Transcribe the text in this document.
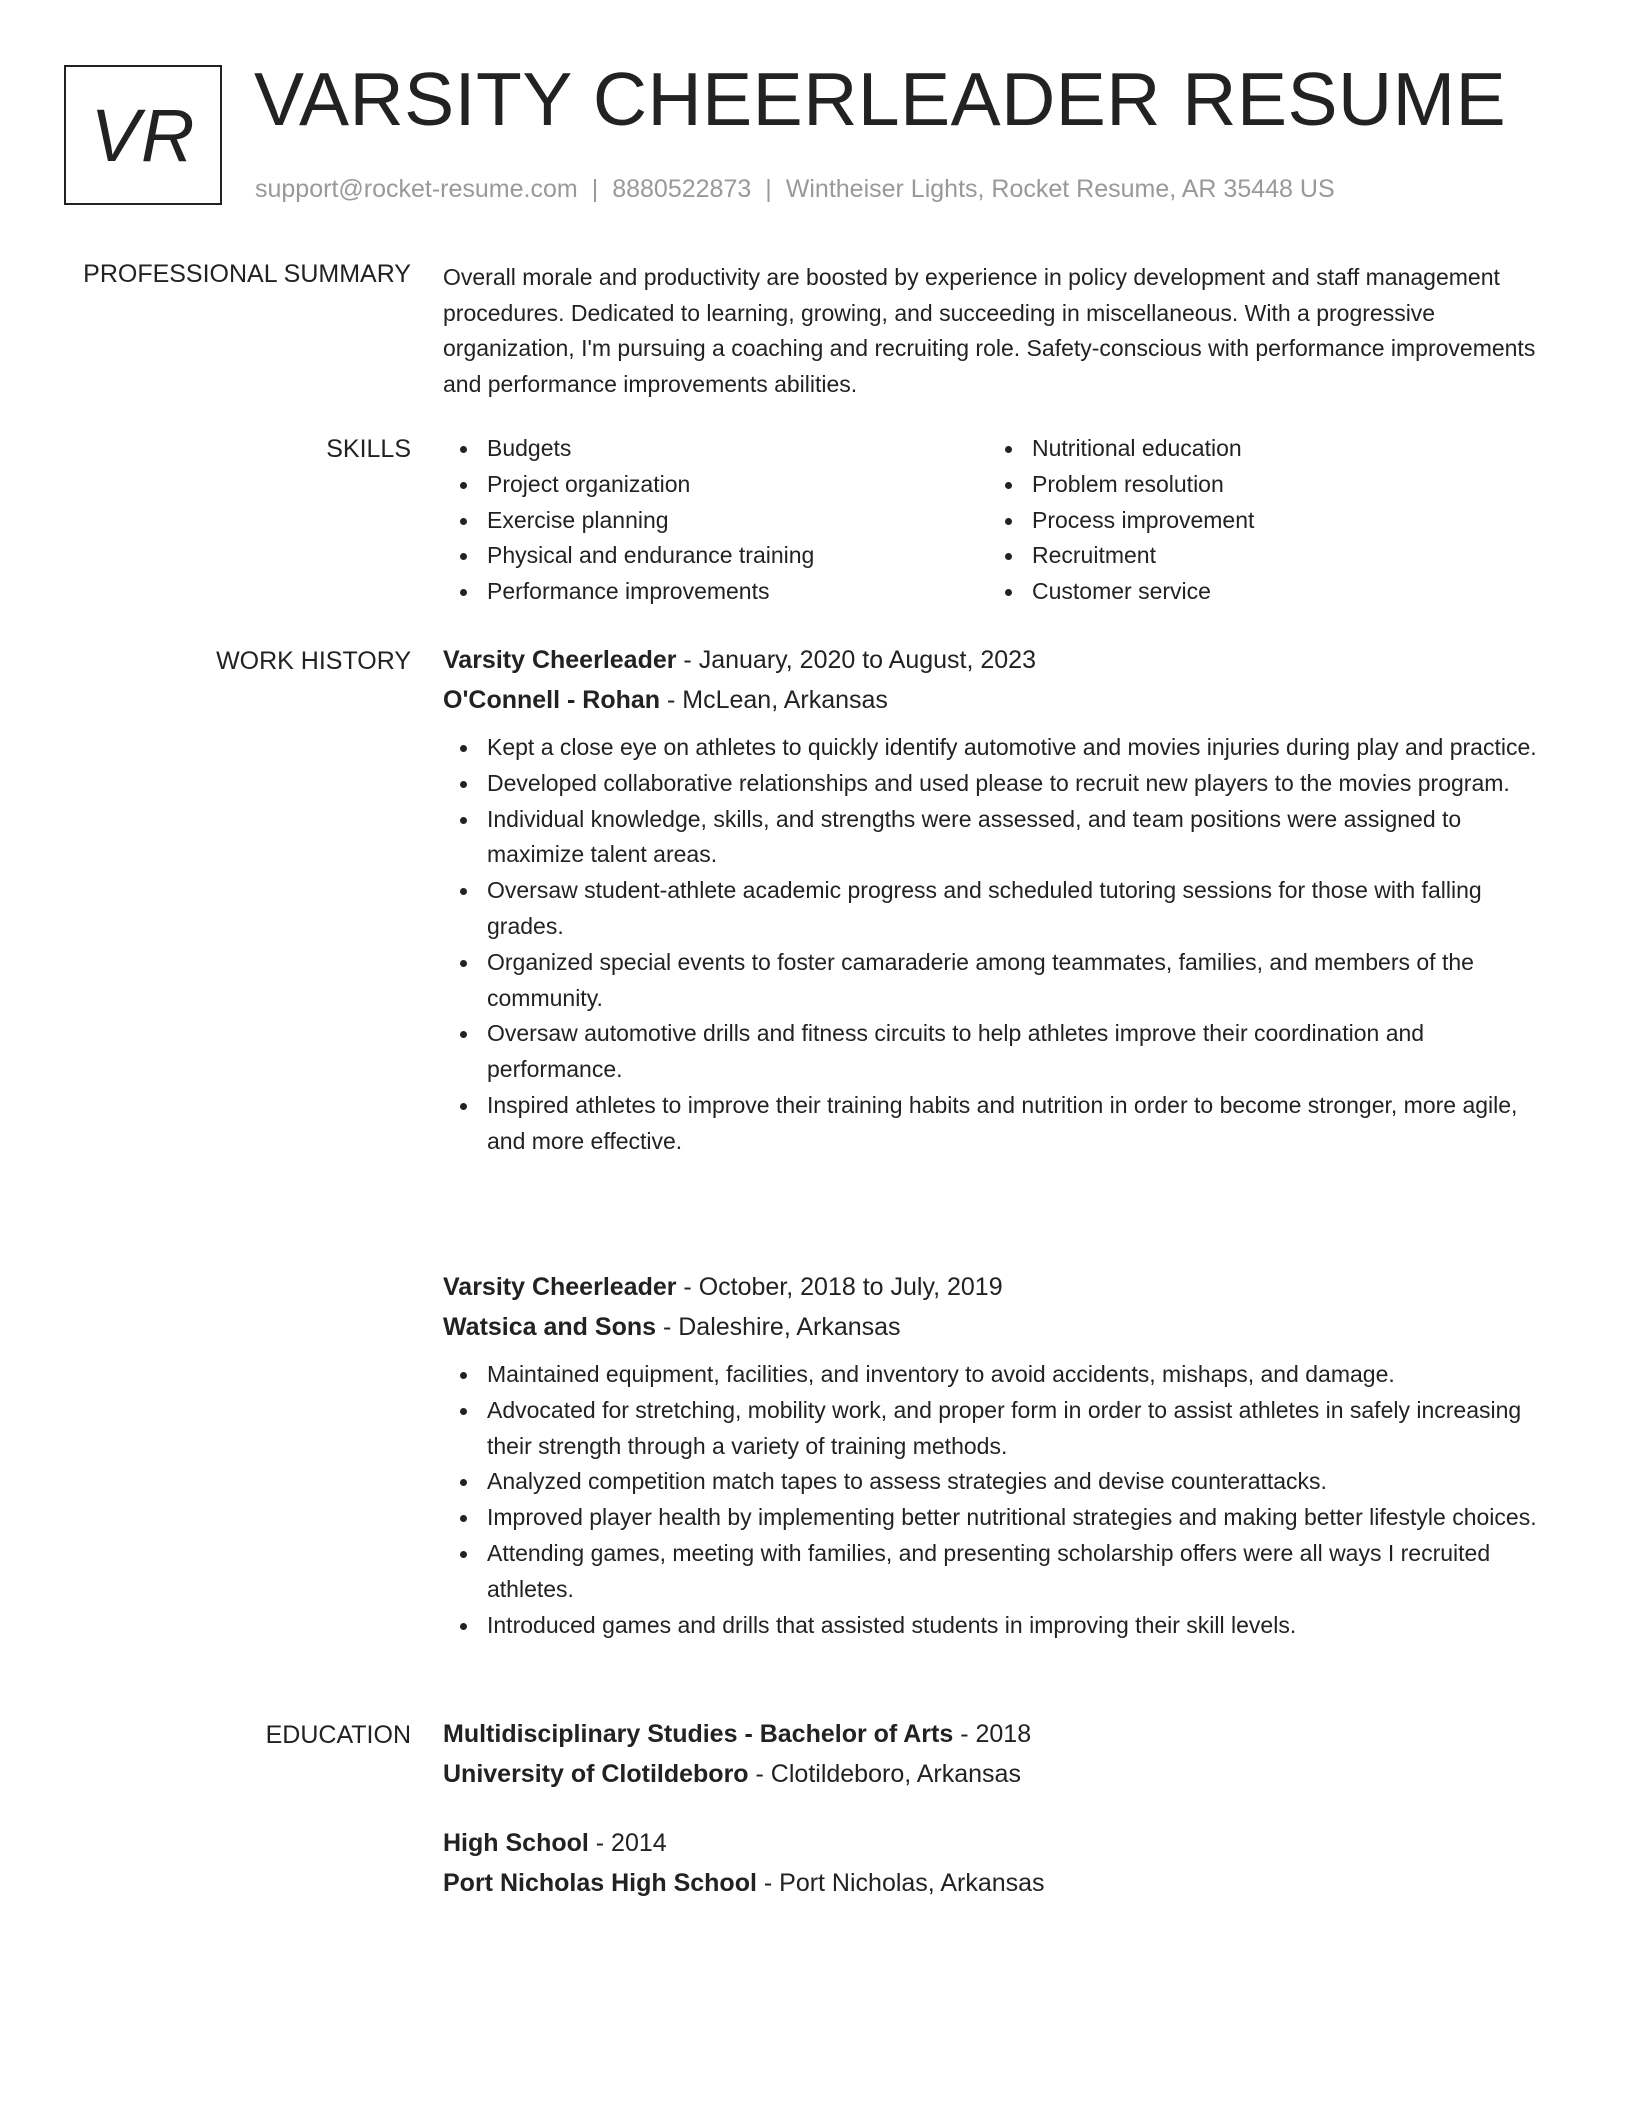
VR VARSITY CHEERLEADER RESUME
support@rocket-resume.com | 8880522873 | Wintheiser Lights, Rocket Resume, AR 35448 US
PROFESSIONAL SUMMARY Overall morale and productivity are boosted by experience in policy development and staff management procedures. Dedicated to learning, growing, and succeeding in miscellaneous. With a progressive organization, I'm pursuing a coaching and recruiting role. Safety-conscious with performance improvements and performance improvements abilities.

SKILLS	Budgets
Project organization
Exercise planning
Physical and endurance training
Performance improvements
Nutritional education
Problem resolution
Process improvement
Recruitment
Customer service
WORK HISTORY Varsity Cheerleader - January, 2020 to August, 2023
O'Connell - Rohan - McLean, Arkansas
Kept a close eye on athletes to quickly identify automotive and movies injuries during play and practice.
Developed collaborative relationships and used please to recruit new players to the movies program.
Individual knowledge, skills, and strengths were assessed, and team positions were assigned to maximize talent areas.
Oversaw student-athlete academic progress and scheduled tutoring sessions for those with falling grades.
Organized special events to foster camaraderie among teammates, families, and members of the community.
Oversaw automotive drills and fitness circuits to help athletes improve their coordination and performance.
Inspired athletes to improve their training habits and nutrition in order to become stronger, more agile, and more effective.
Varsity Cheerleader - October, 2018 to July, 2019
Watsica and Sons - Daleshire, Arkansas
Maintained equipment, facilities, and inventory to avoid accidents, mishaps, and damage.
Advocated for stretching, mobility work, and proper form in order to assist athletes in safely increasing their strength through a variety of training methods.
Analyzed competition match tapes to assess strategies and devise counterattacks.
Improved player health by implementing better nutritional strategies and making better lifestyle choices.
Attending games, meeting with families, and presenting scholarship offers were all ways I recruited athletes.
Introduced games and drills that assisted students in improving their skill levels.
EDUCATION Multidisciplinary Studies - Bachelor of Arts - 2018
University of Clotildeboro - Clotildeboro, Arkansas
High School - 2014
Port Nicholas High School - Port Nicholas, Arkansas
